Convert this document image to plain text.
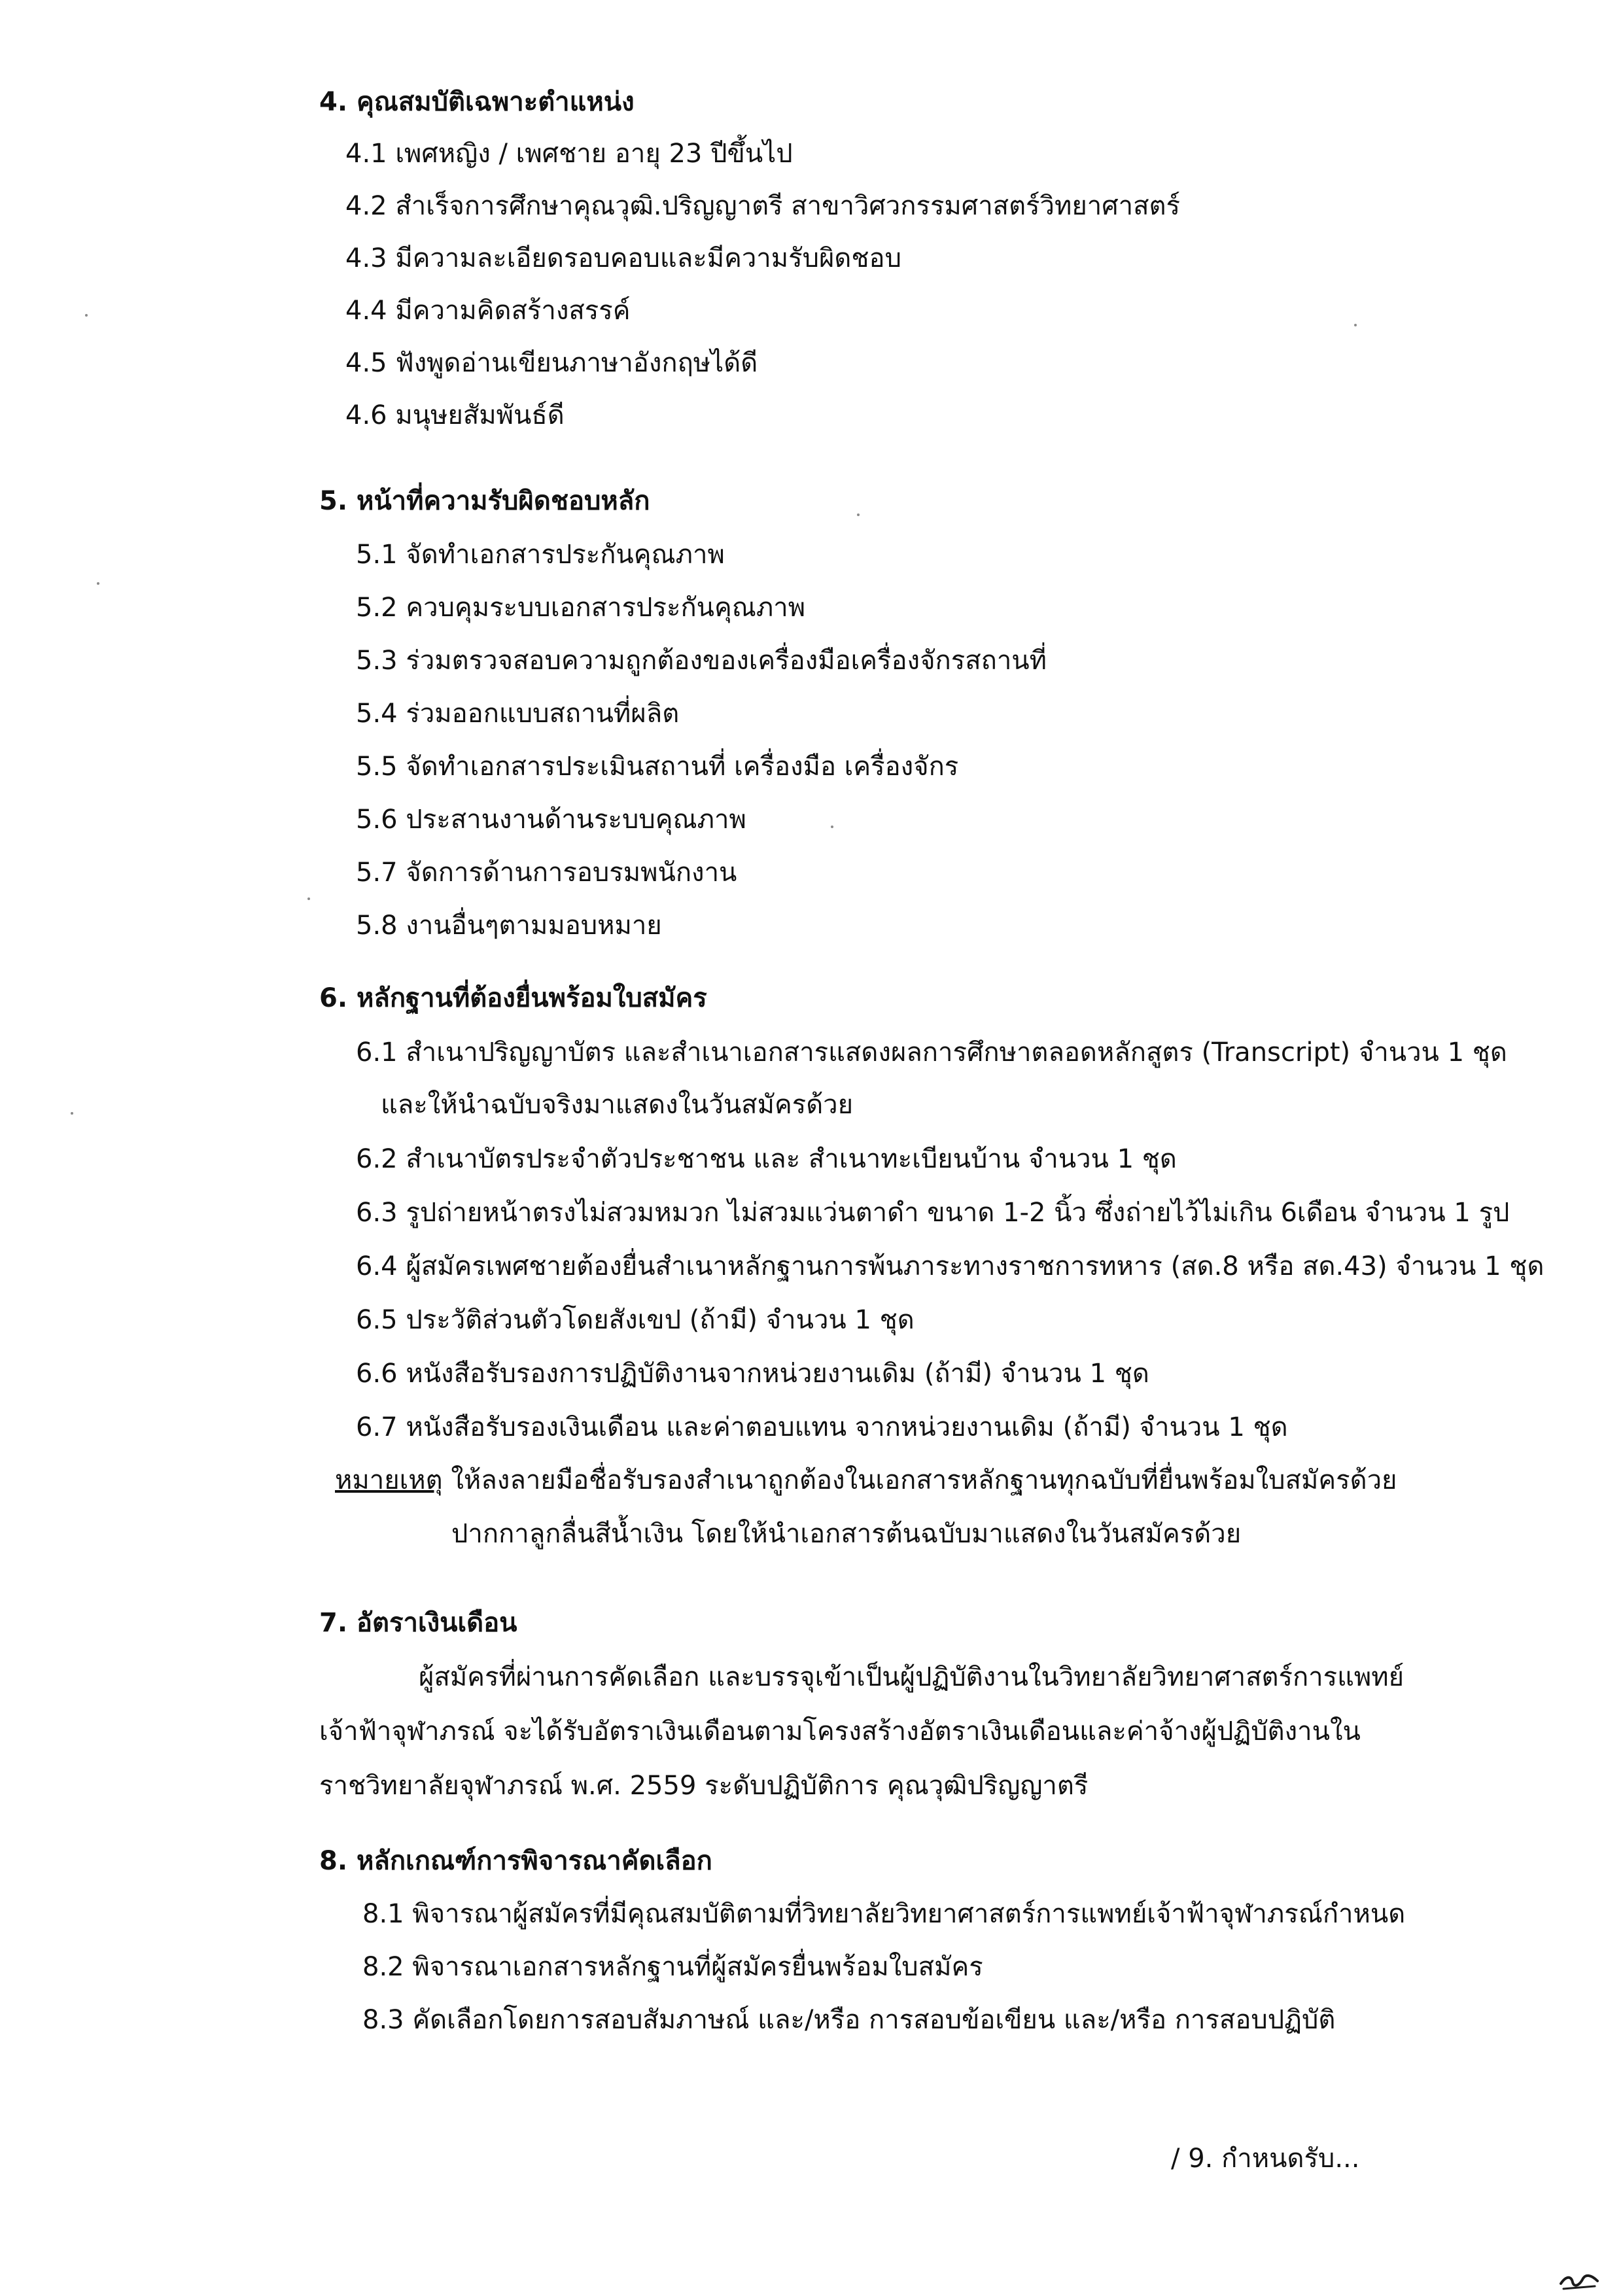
4. คุณสมบัติเฉพาะตำแหน่ง
4.1 เพศหญิง / เพศชาย อายุ 23 ปีขึ้นไป
4.2 สำเร็จการศึกษาคุณวุฒิ.ปริญญาตรี สาขาวิศวกรรมศาสตร์วิทยาศาสตร์
4.3 มีความละเอียดรอบคอบและมีความรับผิดชอบ
4.4 มีความคิดสร้างสรรค์
4.5 ฟังพูดอ่านเขียนภาษาอังกฤษได้ดี
4.6 มนุษยสัมพันธ์ดี
5. หน้าที่ความรับผิดชอบหลัก
5.1 จัดทำเอกสารประกันคุณภาพ
5.2 ควบคุมระบบเอกสารประกันคุณภาพ
5.3 ร่วมตรวจสอบความถูกต้องของเครื่องมือเครื่องจักรสถานที่
5.4 ร่วมออกแบบสถานที่ผลิต
5.5 จัดทำเอกสารประเมินสถานที่ เครื่องมือ เครื่องจักร
5.6 ประสานงานด้านระบบคุณภาพ
5.7 จัดการด้านการอบรมพนักงาน
5.8 งานอื่นๆตามมอบหมาย
6. หลักฐานที่ต้องยื่นพร้อมใบสมัคร
6.1 สำเนาปริญญาบัตร และสำเนาเอกสารแสดงผลการศึกษาตลอดหลักสูตร (Transcript) จำนวน 1 ชุด
และให้นำฉบับจริงมาแสดงในวันสมัครด้วย
6.2 สำเนาบัตรประจำตัวประชาชน และ สำเนาทะเบียนบ้าน จำนวน 1 ชุด
6.3 รูปถ่ายหน้าตรงไม่สวมหมวก ไม่สวมแว่นตาดำ ขนาด 1-2 นิ้ว ซึ่งถ่ายไว้ไม่เกิน 6เดือน จำนวน 1 รูป
6.4 ผู้สมัครเพศชายต้องยื่นสำเนาหลักฐานการพ้นภาระทางราชการทหาร (สด.8 หรือ สด.43) จำนวน 1 ชุด
6.5 ประวัติส่วนตัวโดยสังเขป (ถ้ามี) จำนวน 1 ชุด
6.6 หนังสือรับรองการปฏิบัติงานจากหน่วยงานเดิม (ถ้ามี) จำนวน 1 ชุด
6.7 หนังสือรับรองเงินเดือน และค่าตอบแทน จากหน่วยงานเดิม (ถ้ามี) จำนวน 1 ชุด
หมายเหตุ ให้ลงลายมือชื่อรับรองสำเนาถูกต้องในเอกสารหลักฐานทุกฉบับที่ยื่นพร้อมใบสมัครด้วย
ปากกาลูกลื่นสีน้ำเงิน โดยให้นำเอกสารต้นฉบับมาแสดงในวันสมัครด้วย
7. อัตราเงินเดือน
ผู้สมัครที่ผ่านการคัดเลือก และบรรจุเข้าเป็นผู้ปฏิบัติงานในวิทยาลัยวิทยาศาสตร์การแพทย์
เจ้าฟ้าจุฬาภรณ์ จะได้รับอัตราเงินเดือนตามโครงสร้างอัตราเงินเดือนและค่าจ้างผู้ปฏิบัติงานใน
ราชวิทยาลัยจุฬาภรณ์ พ.ศ. 2559 ระดับปฏิบัติการ คุณวุฒิปริญญาตรี
8. หลักเกณฑ์การพิจารณาคัดเลือก
8.1 พิจารณาผู้สมัครที่มีคุณสมบัติตามที่วิทยาลัยวิทยาศาสตร์การแพทย์เจ้าฟ้าจุฬาภรณ์กำหนด
8.2 พิจารณาเอกสารหลักฐานที่ผู้สมัครยื่นพร้อมใบสมัคร
8.3 คัดเลือกโดยการสอบสัมภาษณ์ และ/หรือ การสอบข้อเขียน และ/หรือ การสอบปฏิบัติ
/ 9. กำหนดรับ...
